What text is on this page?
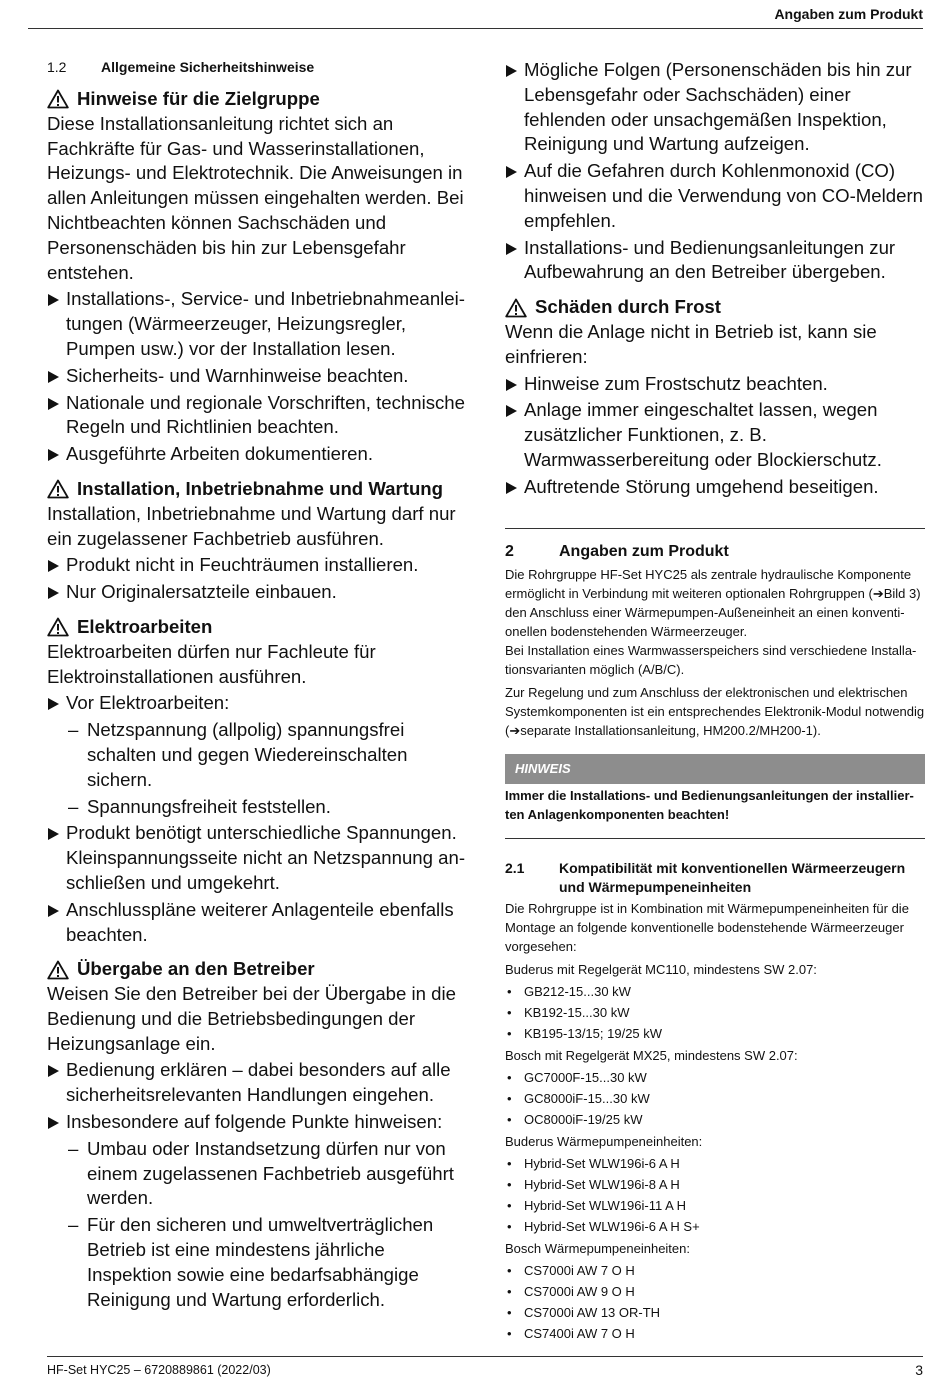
Angaben zum Produkt
1.2	Allgemeine Sicherheitshinweise
Hinweise für die Zielgruppe

Diese Installationsanleitung richtet sich an Fachkräfte für Gas- und Wasserinstallationen, Heizungs- und Elektrotechnik. Die Anweisungen in allen Anleitungen müssen eingehalten werden. Bei Nichtbeachten können Sachschäden und Personenschäden bis hin zur Lebensgefahr entstehen.

Installations-, Service- und Inbetriebnahmeanleitungen (Wärmeerzeuger, Heizungsregler, Pumpen usw.) vor der Installation lesen.
Sicherheits- und Warnhinweise beachten.
Nationale und regionale Vorschriften, technische Regeln und Richtlinien beachten.
Ausgeführte Arbeiten dokumentieren.
Installation, Inbetriebnahme und Wartung

Installation, Inbetriebnahme und Wartung darf nur ein zugelassener Fachbetrieb ausführen.

Produkt nicht in Feuchträumen installieren.
Nur Originalersatzteile einbauen.
Elektroarbeiten

Elektroarbeiten dürfen nur Fachleute für Elektroinstallationen ausführen.

Vor Elektroarbeiten:
– Netzspannung (allpolig) spannungsfrei schalten und gegen Wiedereinschalten sichern.
– Spannungsfreiheit feststellen.
Produkt benötigt unterschiedliche Spannungen. Kleinspannungsseite nicht an Netzspannung anschließen und umgekehrt.
Anschlusspläne weiterer Anlagenteile ebenfalls beachten.
Übergabe an den Betreiber

Weisen Sie den Betreiber bei der Übergabe in die Bedienung und die Betriebsbedingungen der Heizungsanlage ein.

Bedienung erklären – dabei besonders auf alle sicherheitsrelevanten Handlungen eingehen.
Insbesondere auf folgende Punkte hinweisen:
– Umbau oder Instandsetzung dürfen nur von einem zugelassenen Fachbetrieb ausgeführt werden.
– Für den sicheren und umweltverträglichen Betrieb ist eine mindestens jährliche Inspektion sowie eine bedarfsabhängige Reinigung und Wartung erforderlich.
Mögliche Folgen (Personenschäden bis hin zur Lebensgefahr oder Sachschäden) einer fehlenden oder unsachgemäßen Inspektion, Reinigung und Wartung aufzeigen.
Auf die Gefahren durch Kohlenmonoxid (CO) hinweisen und die Verwendung von CO-Meldern empfehlen.
Installations- und Bedienungsanleitungen zur Aufbewahrung an den Betreiber übergeben.
Schäden durch Frost

Wenn die Anlage nicht in Betrieb ist, kann sie einfrieren:

Hinweise zum Frostschutz beachten.
Anlage immer eingeschaltet lassen, wegen zusätzlicher Funktionen, z. B. Warmwasserbereitung oder Blockierschutz.
Auftretende Störung umgehend beseitigen.
2	Angaben zum Produkt

Die Rohrgruppe HF-Set HYC25 als zentrale hydraulische Komponente ermöglicht in Verbindung mit weiteren optionalen Rohrgruppen (➔Bild 3) den Anschluss einer Wärmepumpen-Außeneinheit an einen konventionellen bodenstehenden Wärmeerzeuger.

Bei Installation eines Warmwasserspeichers sind verschiedene Installationsvarianten möglich (A/B/C).

Zur Regelung und zum Anschluss der elektronischen und elektrischen Systemkomponenten ist ein entsprechendes Elektronik-Modul notwendig (➔separate Installationsanleitung, HM200.2/MH200-1).

HINWEIS
Immer die Installations- und Bedienungsanleitungen der installierten Anlagenkomponenten beachten!
2.1	Kompatibilität mit konventionellen Wärmeerzeugern und Wärmepumpeneinheiten

Die Rohrgruppe ist in Kombination mit Wärmepumpeneinheiten für die Montage an folgende konventionelle bodenstehende Wärmeerzeuger vorgesehen:

Buderus mit Regelgerät MC110, mindestens SW 2.07:

• GB212-15...30 kW
• KB192-15...30 kW
• KB195-13/15; 19/25 kW

Bosch mit Regelgerät MX25, mindestens SW 2.07:

• GC7000F-15...30 kW
• GC8000iF-15...30 kW
• OC8000iF-19/25 kW

Buderus Wärmepumpeneinheiten:

• Hybrid-Set WLW196i-6 A H
• Hybrid-Set WLW196i-8 A H
• Hybrid-Set WLW196i-11 A H
• Hybrid-Set WLW196i-6 A H S+

Bosch Wärmepumpeneinheiten:

• CS7000i AW 7 O H
• CS7000i AW 9 O H
• CS7000i AW 13 OR-TH
• CS7400i AW 7 O H
HF-Set HYC25 – 6720889861 (2022/03)	3
